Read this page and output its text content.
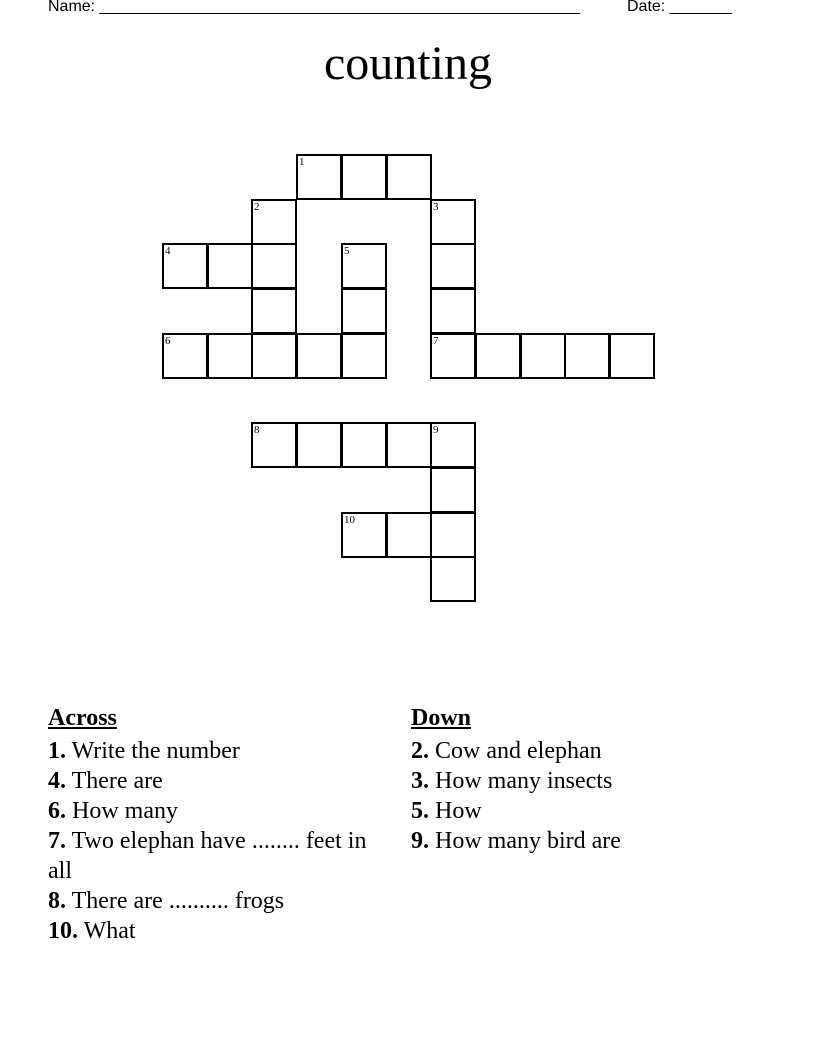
Name: ______________________________________________________	Date: _______
counting
1
2	3
4	5
6	7
8	9
10
Across
1. Write the number
4. There are
6. How many
7. Two elephan have ........ feet in all
8. There are .......... frogs
10. What
Down
2. Cow and elephan
3. How many insects
5. How
9. How many bird are
